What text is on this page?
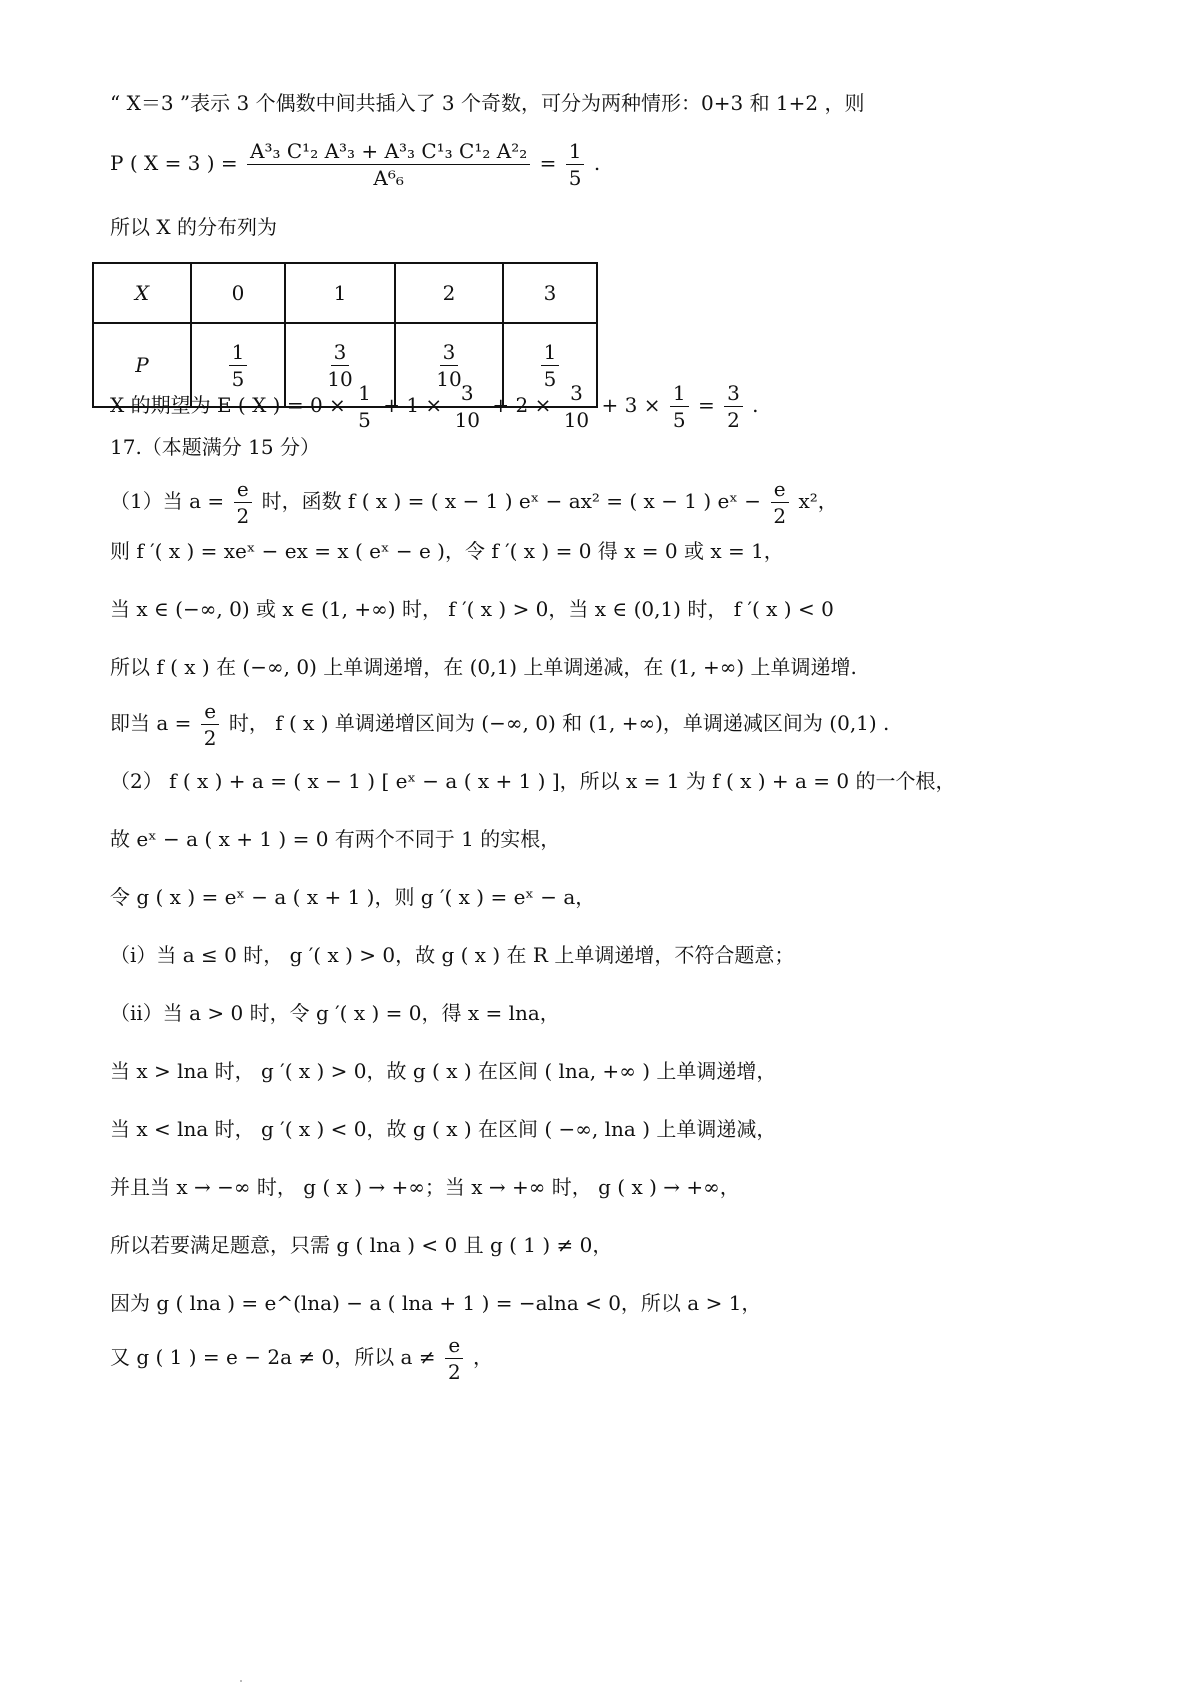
“ X＝3 ”表示 3 个偶数中间共插入了 3 个奇数，可分为两种情形：0+3 和 1+2 ，则
P ( X = 3 ) = $\frac{\text{A³₃ C¹₂ A³₃ + A³₃ C¹₃ C¹₂ A²₂}}{\text{A⁶₆}} = \frac{1}{5}$ .
所以 X 的分布列为
X	0	1	2	3
P	$\frac{1}{5}$	$\frac{3}{10}$	$\frac{3}{10}$	$\frac{1}{5}$
X 的期望为 E ( X ) = $0 \times \frac{1}{5} + 1 \times \frac{3}{10} + 2 \times \frac{3}{10} + 3 \times \frac{1}{5} = \frac{3}{2}$ .
17.（本题满分 15 分）
（1）当 $a = \frac{e}{2}$ 时，函数 f ( x ) = ( x − 1 ) eˣ − ax² = ( x − 1 ) eˣ − $\frac{e}{2} x^2$，
则 f ′( x ) = xeˣ − ex = x ( eˣ − e )，令 f ′( x ) = 0 得 x = 0 或 x = 1，
当 x ∈ (−∞, 0) 或 x ∈ (1, +∞) 时， f ′( x ) > 0，当 x ∈ (0,1) 时， f ′( x ) < 0
所以 f ( x ) 在 (−∞, 0) 上单调递增，在 (0,1) 上单调递减，在 (1, +∞) 上单调递增.
即当 $a = \frac{e}{2}$ 时， f ( x ) 单调递增区间为 (−∞, 0) 和 (1, +∞)，单调递减区间为 (0,1) .
（2） f ( x ) + a = ( x − 1 ) [ eˣ − a ( x + 1 ) ]，所以 x = 1 为 f ( x ) + a = 0 的一个根，
故 eˣ − a ( x + 1 ) = 0 有两个不同于 1 的实根，
令 g ( x ) = eˣ − a ( x + 1 )，则 g ′( x ) = eˣ − a，
（ⅰ）当 a ≤ 0 时， g ′( x ) > 0，故 g ( x ) 在 R 上单调递增，不符合题意；
（ⅱ）当 a > 0 时，令 g ′( x ) = 0，得 x = lna，
当 x > lna 时， g ′( x ) > 0，故 g ( x ) 在区间 ( lna, +∞ ) 上单调递增，
当 x < lna 时， g ′( x ) < 0，故 g ( x ) 在区间 ( −∞, lna ) 上单调递减，
并且当 x → −∞ 时， g ( x ) → +∞；当 x → +∞ 时， g ( x ) → +∞，
所以若要满足题意，只需 g ( lna ) < 0 且 g ( 1 ) ≠ 0，
因为 g ( lna ) = e^(lna) − a ( lna + 1 ) = −alna < 0，所以 a > 1，
又 g ( 1 ) = e − 2a ≠ 0，所以 $a \ne \frac{e}{2}$ ，
